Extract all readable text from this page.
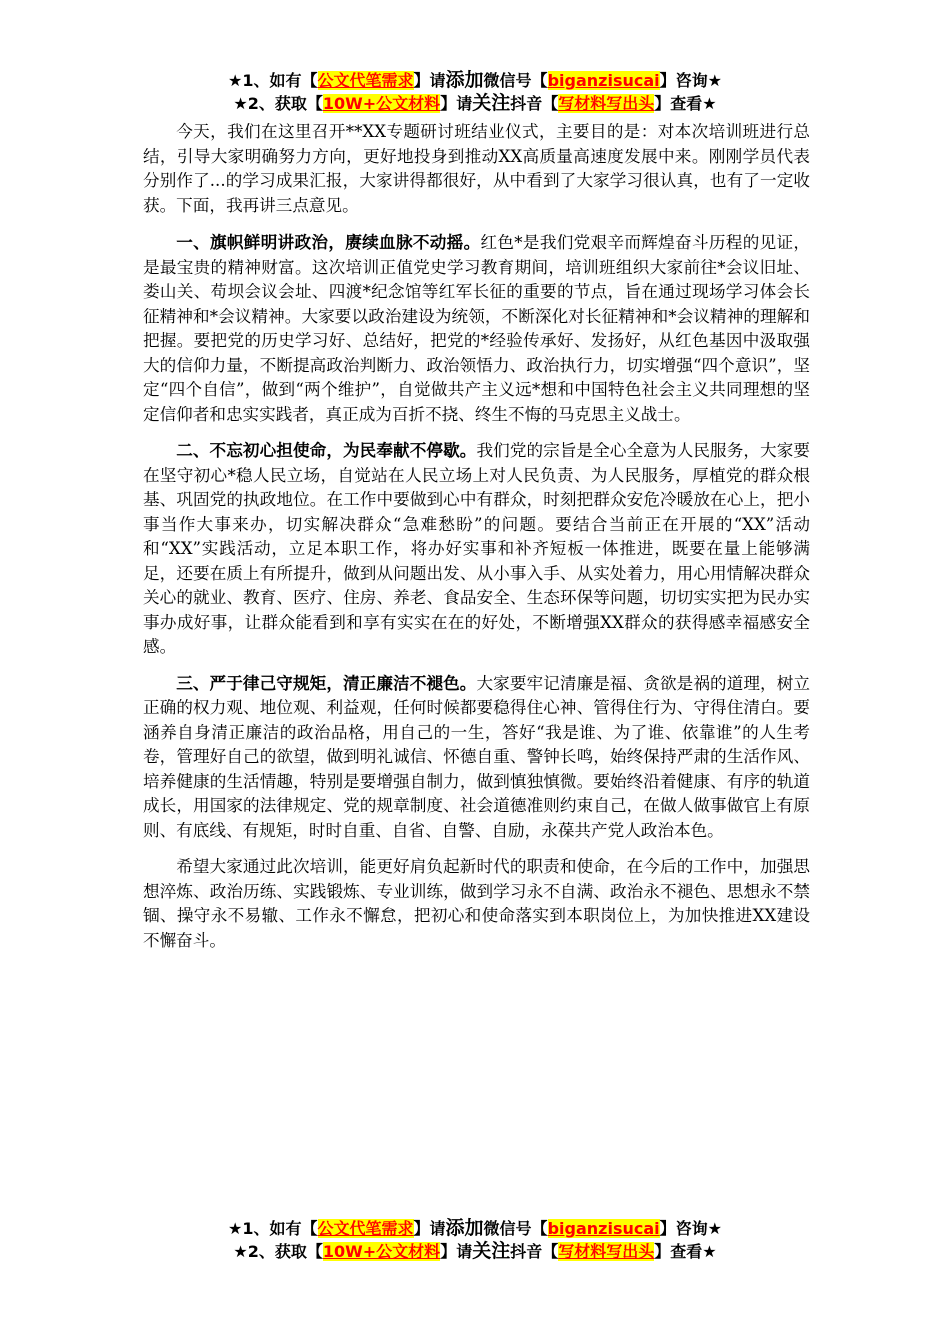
★1、如有【公文代笔需求】请添加微信号【biganzisucai】咨询★
★2、获取【10W+公文材料】请关注抖音【写材料写出头】查看★

今天，我们在这里召开**XX专题研讨班结业仪式，主要目的是：对本次培训班进行总结，引导大家明确努力方向，更好地投身到推动XX高质量高速度发展中来。刚刚学员代表分别作了...的学习成果汇报，大家讲得都很好，从中看到了大家学习很认真，也有了一定收获。下面，我再讲三点意见。

一、旗帜鲜明讲政治，赓续血脉不动摇。红色*是我们党艰辛而辉煌奋斗历程的见证，是最宝贵的精神财富。这次培训正值党史学习教育期间，培训班组织大家前往*会议旧址、娄山关、苟坝会议会址、四渡*纪念馆等红军长征的重要的节点，旨在通过现场学习体会长征精神和*会议精神。大家要以政治建设为统领，不断深化对长征精神和*会议精神的理解和把握。要把党的历史学习好、总结好，把党的*经验传承好、发扬好，从红色基因中汲取强大的信仰力量，不断提高政治判断力、政治领悟力、政治执行力，切实增强“四个意识”，坚定“四个自信”，做到“两个维护”，自觉做共产主义远*想和中国特色社会主义共同理想的坚定信仰者和忠实实践者，真正成为百折不挠、终生不悔的马克思主义战士。

二、不忘初心担使命，为民奉献不停歇。我们党的宗旨是全心全意为人民服务，大家要在坚守初心*稳人民立场，自觉站在人民立场上对人民负责、为人民服务，厚植党的群众根基、巩固党的执政地位。在工作中要做到心中有群众，时刻把群众安危冷暖放在心上，把小事当作大事来办，切实解决群众“急难愁盼”的问题。要结合当前正在开展的“XX”活动和“XX”实践活动，立足本职工作，将办好实事和补齐短板一体推进，既要在量上能够满足，还要在质上有所提升，做到从问题出发、从小事入手、从实处着力，用心用情解决群众关心的就业、教育、医疗、住房、养老、食品安全、生态环保等问题，切切实实把为民办实事办成好事，让群众能看到和享有实实在在的好处，不断增强XX群众的获得感幸福感安全感。

三、严于律己守规矩，清正廉洁不褪色。大家要牢记清廉是福、贪欲是祸的道理，树立正确的权力观、地位观、利益观，任何时候都要稳得住心神、管得住行为、守得住清白。要涵养自身清正廉洁的政治品格，用自己的一生，答好“我是谁、为了谁、依靠谁”的人生考卷，管理好自己的欲望，做到明礼诚信、怀德自重、警钟长鸣，始终保持严肃的生活作风、培养健康的生活情趣，特别是要增强自制力，做到慎独慎微。要始终沿着健康、有序的轨道成长，用国家的法律规定、党的规章制度、社会道德准则约束自己，在做人做事做官上有原则、有底线、有规矩，时时自重、自省、自警、自励，永葆共产党人政治本色。

希望大家通过此次培训，能更好肩负起新时代的职责和使命，在今后的工作中，加强思想淬炼、政治历练、实践锻炼、专业训练，做到学习永不自满、政治永不褪色、思想永不禁锢、操守永不易辙、工作永不懈怠，把初心和使命落实到本职岗位上，为加快推进XX建设不懈奋斗。

★1、如有【公文代笔需求】请添加微信号【biganzisucai】咨询★
★2、获取【10W+公文材料】请关注抖音【写材料写出头】查看★
